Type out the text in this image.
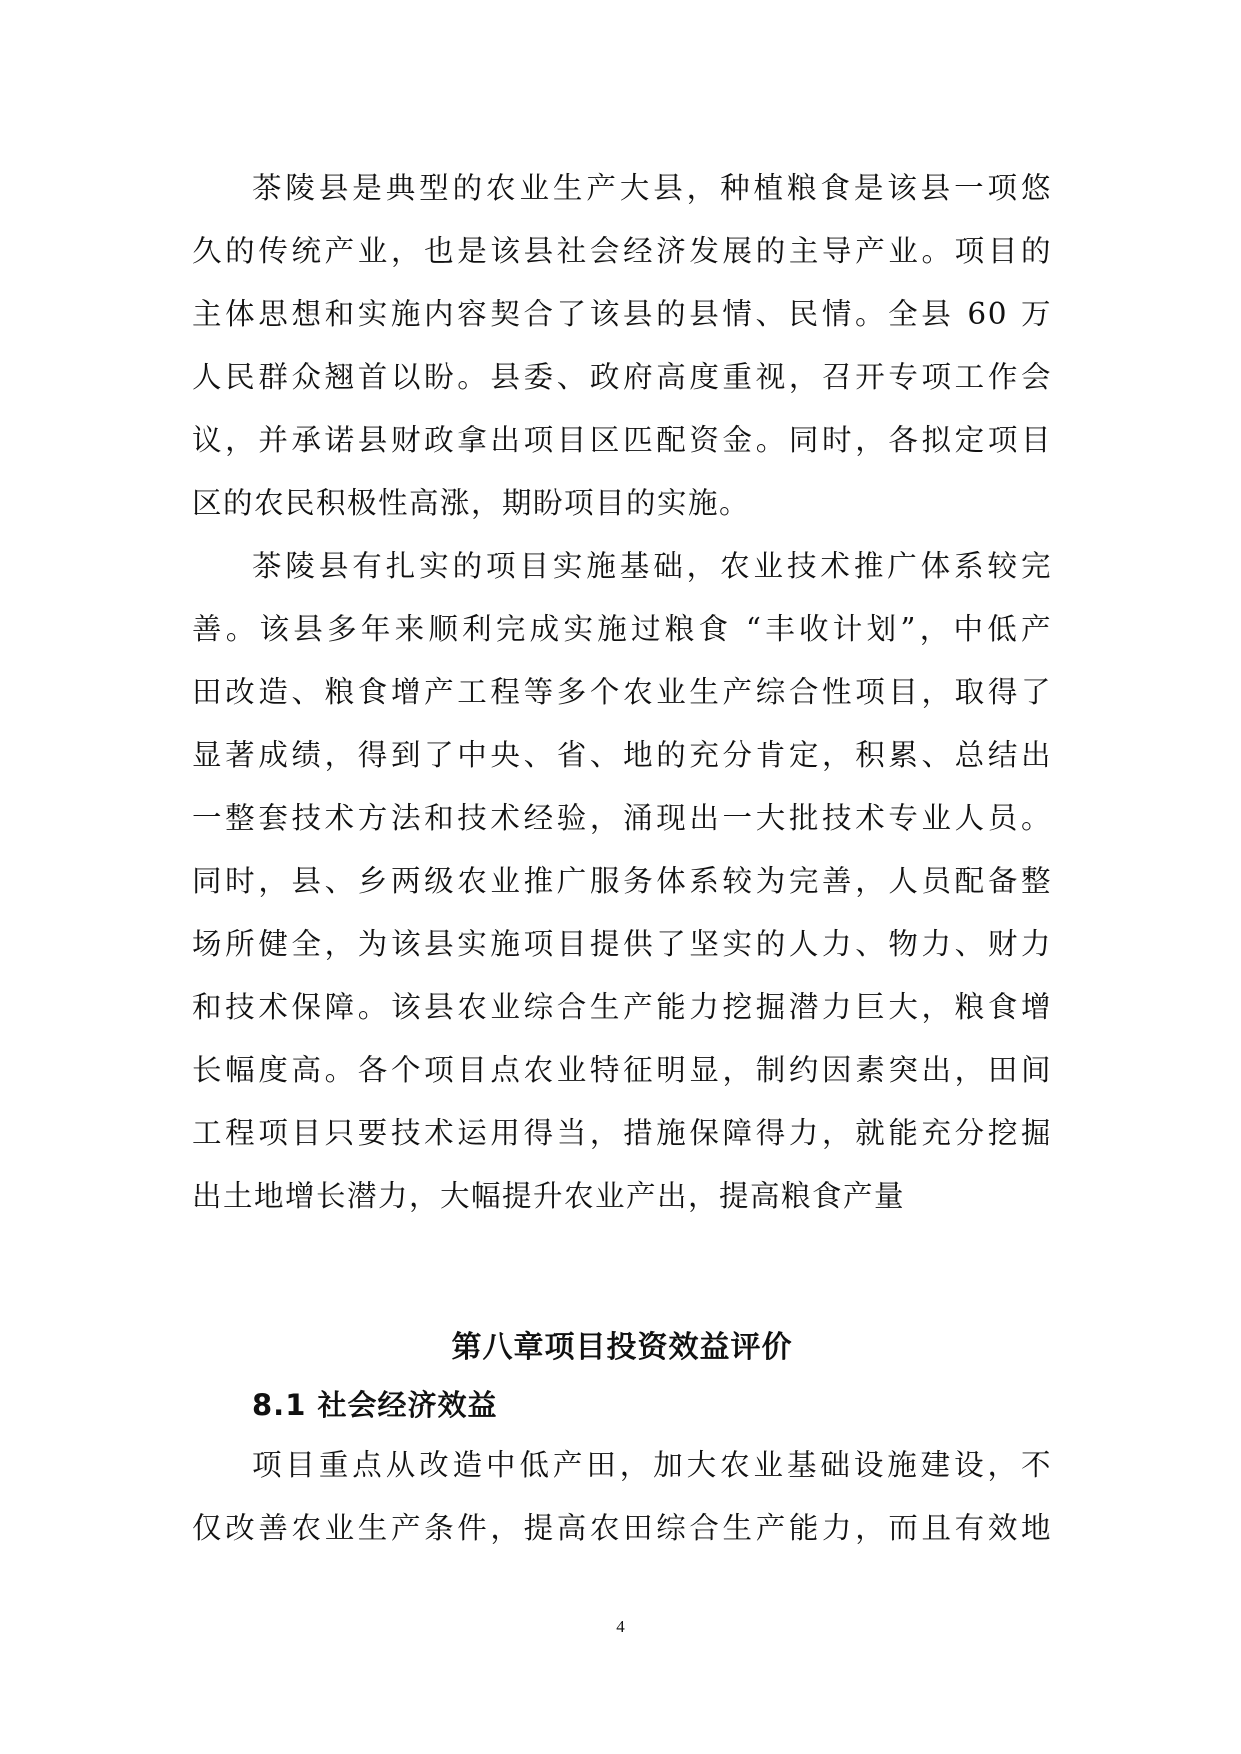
茶陵县是典型的农业生产大县，种植粮食是该县一项悠
久的传统产业，也是该县社会经济发展的主导产业。项目的
主体思想和实施内容契合了该县的县情、民情。全县 60 万
人民群众翘首以盼。县委、政府高度重视，召开专项工作会
议，并承诺县财政拿出项目区匹配资金。同时，各拟定项目
区的农民积极性高涨，期盼项目的实施。
茶陵县有扎实的项目实施基础，农业技术推广体系较完
善。该县多年来顺利完成实施过粮食 “丰收计划”，中低产
田改造、粮食增产工程等多个农业生产综合性项目，取得了
显著成绩，得到了中央、省、地的充分肯定，积累、总结出
一整套技术方法和技术经验，涌现出一大批技术专业人员。
同时，县、乡两级农业推广服务体系较为完善，人员配备整
场所健全，为该县实施项目提供了坚实的人力、物力、财力
和技术保障。该县农业综合生产能力挖掘潜力巨大，粮食增
长幅度高。各个项目点农业特征明显，制约因素突出，田间
工程项目只要技术运用得当，措施保障得力，就能充分挖掘
出土地增长潜力，大幅提升农业产出，提高粮食产量
第八章项目投资效益评价
8.1 社会经济效益
项目重点从改造中低产田，加大农业基础设施建设，不
仅改善农业生产条件，提高农田综合生产能力，而且有效地
4
